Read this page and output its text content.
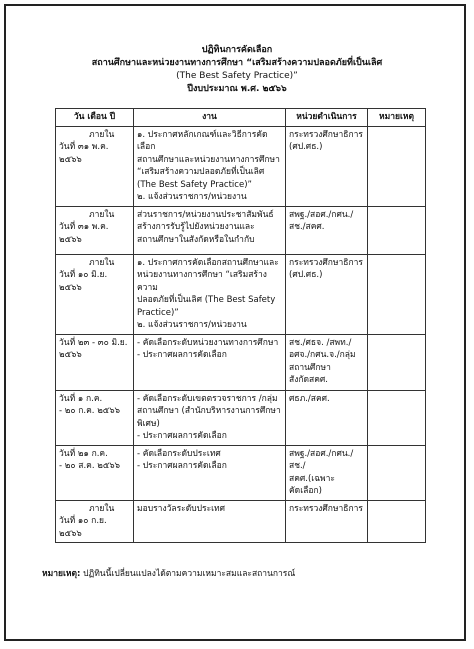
ปฏิทินการคัดเลือก
สถานศึกษาและหน่วยงานทางการศึกษา “เสริมสร้างความปลอดภัยที่เป็นเลิศ
(The Best Safety Practice)”
ปีงบประมาณ พ.ศ. ๒๕๖๖
วัน เดือน ปี	งาน	หน่วยดำเนินการ	หมายเหตุ

ภายใน
วันที่ ๓๑ พ.ค. ๒๕๖๖	๑. ประกาศหลักเกณฑ์และวิธีการคัดเลือก
สถานศึกษาและหน่วยงานทางการศึกษา
“เสริมสร้างความปลอดภัยที่เป็นเลิศ
(The Best Safety Practice)”
๒. แจ้งส่วนราชการ/หน่วยงาน	กระทรวงศึกษาธิการ
(ศป.ศธ.)	

ภายใน
วันที่ ๓๑ พ.ค. ๒๕๖๖	ส่วนราชการ/หน่วยงานประชาสัมพันธ์
สร้างการรับรู้ไปยังหน่วยงานและ
สถานศึกษาในสังกัดหรือในกำกับ	สพฐ./สอศ./กศน./
สช./สคศ.	

ภายใน
วันที่ ๑๐ มิ.ย. ๒๕๖๖	๑. ประกาศการคัดเลือกสถานศึกษาและ
หน่วยงานทางการศึกษา “เสริมสร้างความ
ปลอดภัยที่เป็นเลิศ (The Best Safety
Practice)”
๒. แจ้งส่วนราชการ/หน่วยงาน	กระทรวงศึกษาธิการ
(ศป.ศธ.)	

วันที่ ๒๓ - ๓๐ มิ.ย.
๒๕๖๖	- คัดเลือกระดับหน่วยงานทางการศึกษา
- ประกาศผลการคัดเลือก	สช./ศธจ. /สพท./
อศจ./กศน.จ./กลุ่ม
สถานศึกษา
สังกัดสคศ.	

วันที่ ๑ ก.ค.
- ๒๐ ก.ค. ๒๕๖๖	- คัดเลือกระดับเขตตรวจราชการ /กลุ่ม
สถานศึกษา (สำนักบริหารงานการศึกษาพิเศษ)
- ประกาศผลการคัดเลือก	ศธภ./สคศ.	

วันที่ ๒๑ ก.ค.
- ๒๐ ส.ค. ๒๕๖๖	- คัดเลือกระดับประเทศ
- ประกาศผลการคัดเลือก	สพฐ./สอศ./กศน./
สช./
สคศ.(เฉพาะ
คัดเลือก)	

ภายใน
วันที่ ๑๐ ก.ย. ๒๕๖๖	มอบรางวัลระดับประเทศ	กระทรวงศึกษาธิการ	

หมายเหตุ: ปฏิทินนี้เปลี่ยนแปลงได้ตามความเหมาะสมและสถานการณ์
